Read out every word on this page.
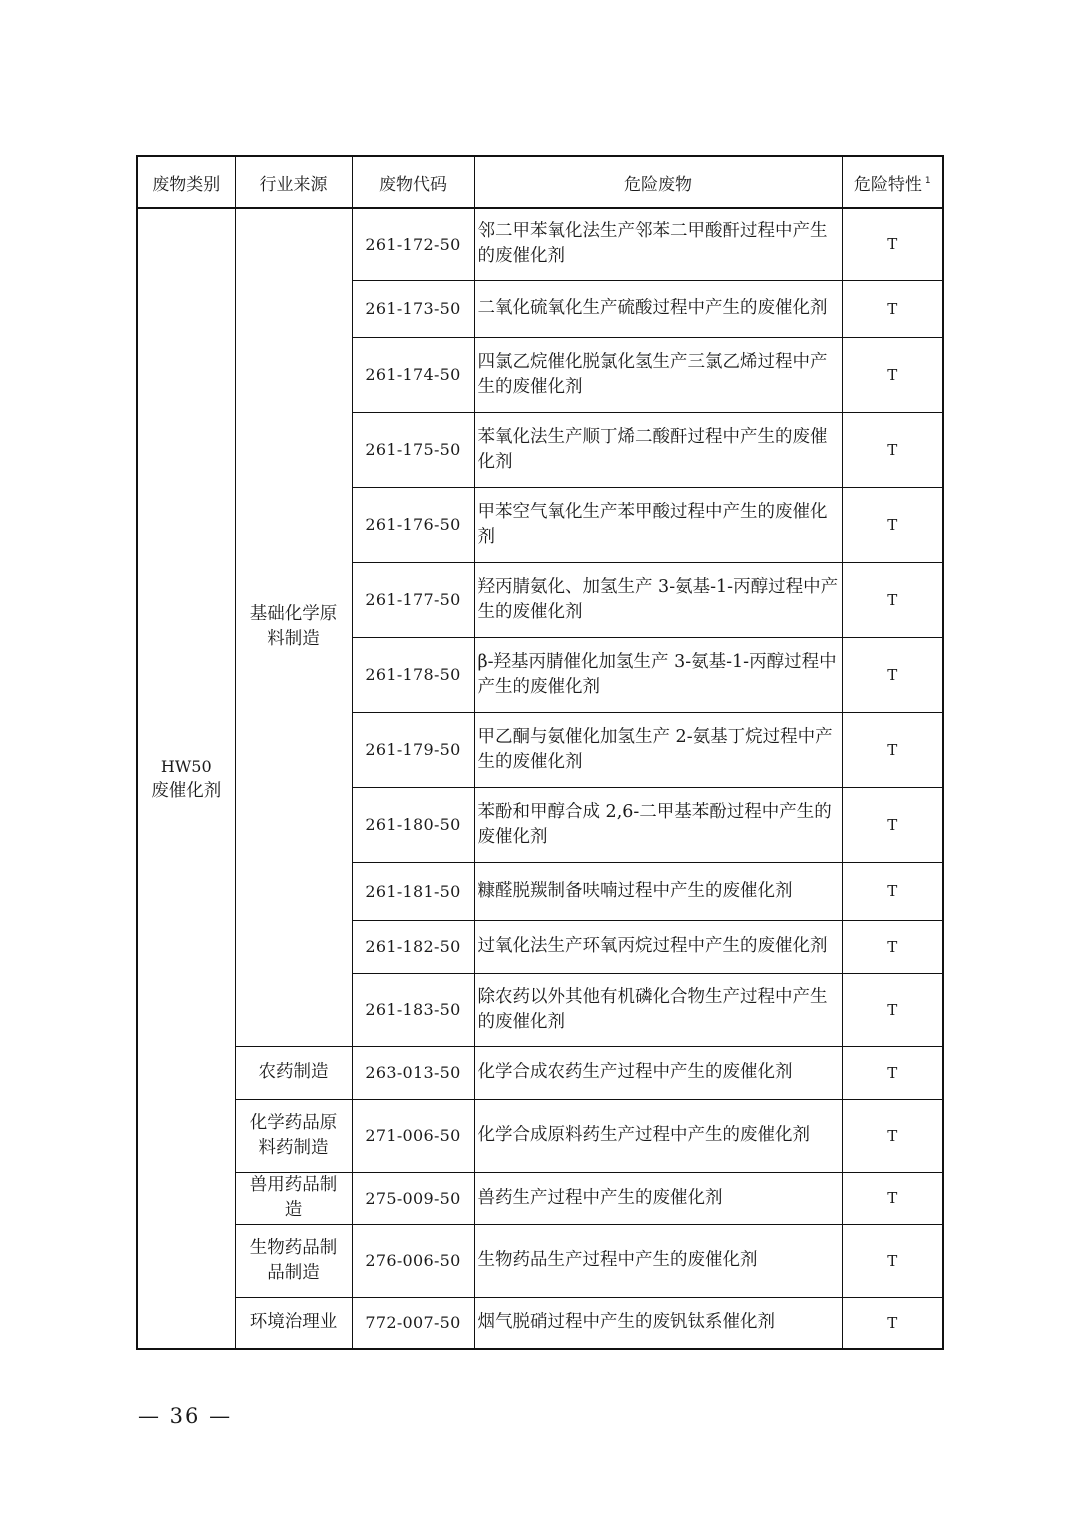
废物类别	行业来源	废物代码	危险废物	危险特性 $^1$

HW50
废催化剂	基础化学原料制造	261-172-50	邻二甲苯氧化法生产邻苯二甲酸酐过程中产生的废催化剂	T
		261-173-50	二氧化硫氧化生产硫酸过程中产生的废催化剂	T
		261-174-50	四氯乙烷催化脱氯化氢生产三氯乙烯过程中产生的废催化剂	T
		261-175-50	苯氧化法生产顺丁烯二酸酐过程中产生的废催化剂	T
		261-176-50	甲苯空气氧化生产苯甲酸过程中产生的废催化剂	T
		261-177-50	羟丙腈氨化、加氢生产 3-氨基-1-丙醇过程中产生的废催化剂	T
		261-178-50	β-羟基丙腈催化加氢生产 3-氨基-1-丙醇过程中产生的废催化剂	T
		261-179-50	甲乙酮与氨催化加氢生产 2-氨基丁烷过程中产生的废催化剂	T
		261-180-50	苯酚和甲醇合成 2,6-二甲基苯酚过程中产生的废催化剂	T
		261-181-50	糠醛脱羰制备呋喃过程中产生的废催化剂	T
		261-182-50	过氧化法生产环氧丙烷过程中产生的废催化剂	T
		261-183-50	除农药以外其他有机磷化合物生产过程中产生的废催化剂	T
	农药制造	263-013-50	化学合成农药生产过程中产生的废催化剂	T
	化学药品原料药制造	271-006-50	化学合成原料药生产过程中产生的废催化剂	T
	兽用药品制造	275-009-50	兽药生产过程中产生的废催化剂	T
	生物药品制品制造	276-006-50	生物药品生产过程中产生的废催化剂	T
	环境治理业	772-007-50	烟气脱硝过程中产生的废钒钛系催化剂	T
— 36 —
